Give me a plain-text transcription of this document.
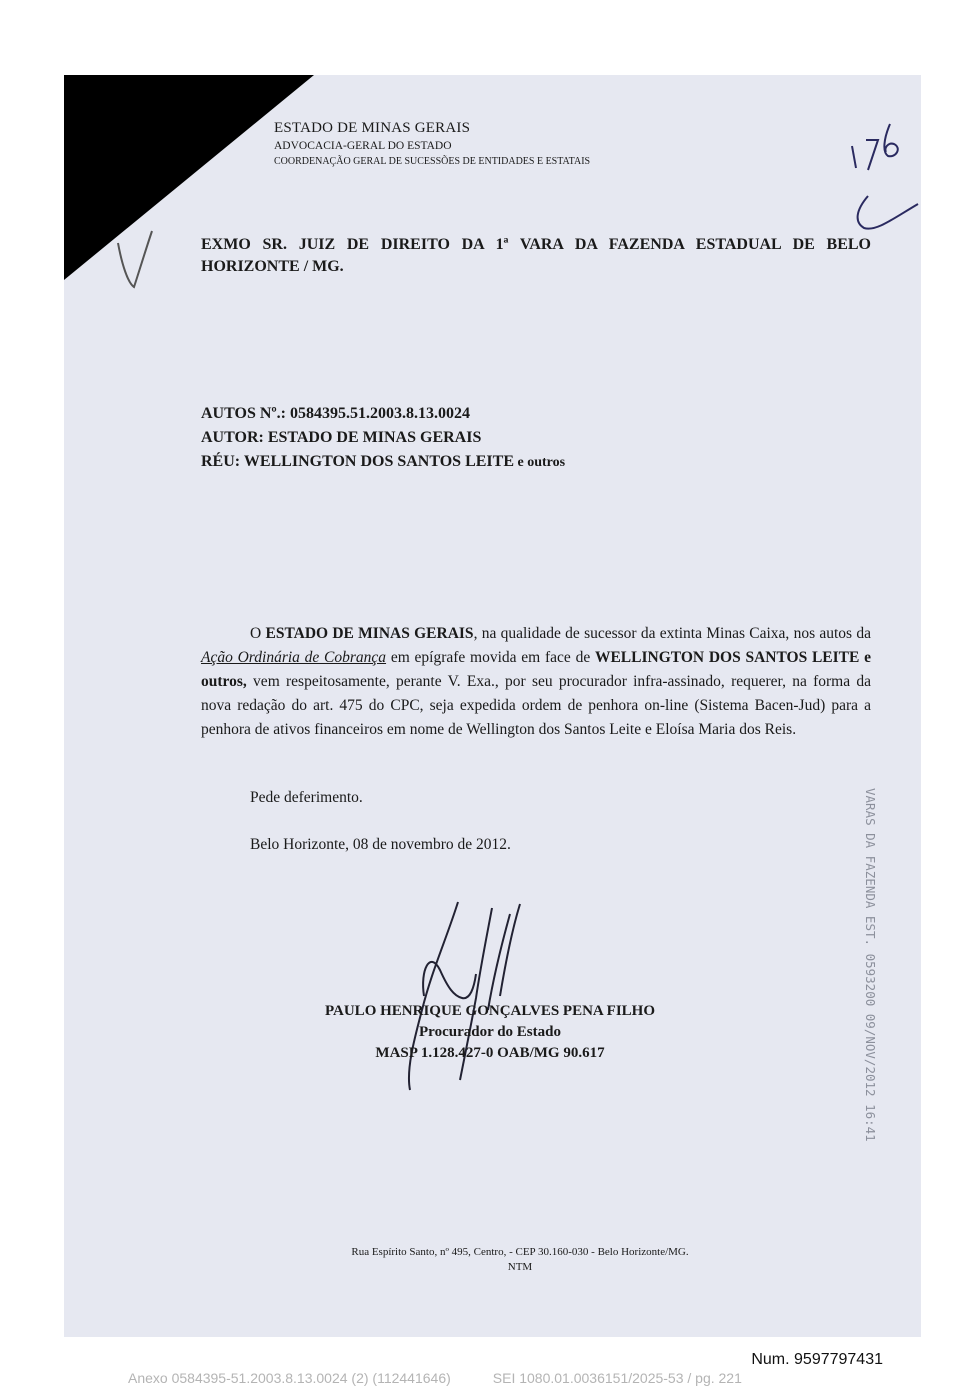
ESTADO DE MINAS GERAIS
ADVOCACIA-GERAL DO ESTADO
COORDENAÇÃO GERAL DE SUCESSÕES DE ENTIDADES E ESTATAIS
EXMO SR. JUIZ DE DIREITO DA 1ª VARA DA FAZENDA ESTADUAL DE BELO HORIZONTE / MG.
AUTOS Nº.: 0584395.51.2003.8.13.0024
AUTOR: ESTADO DE MINAS GERAIS
RÉU: WELLINGTON DOS SANTOS LEITE e outros

O ESTADO DE MINAS GERAIS, na qualidade de sucessor da extinta Minas Caixa, nos autos da Ação Ordinária de Cobrança em epígrafe movida em face de WELLINGTON DOS SANTOS LEITE e outros, vem respeitosamente, perante V. Exa., por seu procurador infra-assinado, requerer, na forma da nova redação do art. 475 do CPC, seja expedida ordem de penhora on-line (Sistema Bacen-Jud) para a penhora de ativos financeiros em nome de Wellington dos Santos Leite e Eloísa Maria dos Reis.

Pede deferimento.
Belo Horizonte, 08 de novembro de 2012.
PAULO HENRIQUE GONÇALVES PENA FILHO
Procurador do Estado
MASP 1.128.427-0 OAB/MG 90.617	VARAS DA FAZENDA EST. 0593200 09/NOV/2012 16:41
Rua Espírito Santo, nº 495, Centro, - CEP 30.160-030 - Belo Horizonte/MG.
NTM
Num. 9597797431
Anexo 0584395-51.2003.8.13.0024 (2) (112441646)	SEI 1080.01.0036151/2025-53 / pg. 221
